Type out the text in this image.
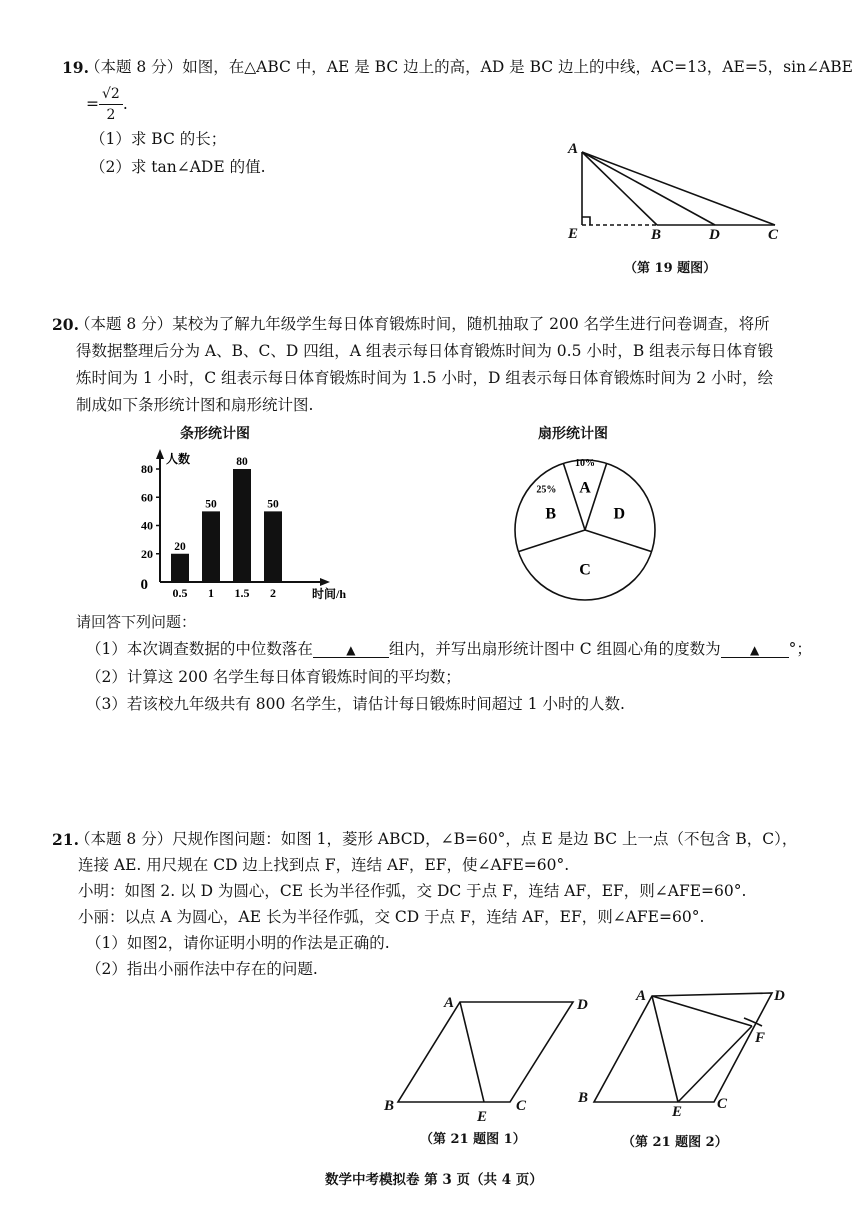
19.
（本题 8 分）如图，在△ABC 中，AE 是 BC 边上的高，AD 是 BC 边上的中线，AC=13，AE=5，sin∠ABE
= $\frac{√2}{2}$ .
（1）求 BC 的长；
（2）求 tan∠ADE 的值.
A
E	B	D	C
（第 19 题图）
20.
（本题 8 分）某校为了解九年级学生每日体育锻炼时间，随机抽取了 200 名学生进行问卷调查，将所
得数据整理后分为 A、B、C、D 四组，A 组表示每日体育锻炼时间为 0.5 小时，B 组表示每日体育锻
炼时间为 1 小时，C 组表示每日体育锻炼时间为 1.5 小时，D 组表示每日体育锻炼时间为 2 小时，绘
制成如下条形统计图和扇形统计图.
条形统计图	扇形统计图
0
20
40
60
80
20
0.5
50
1
80
1.5
50
2
人数
时间/h
A
10%
D
C
B
25%
请回答下列问题：
（1）本次调查数据的中位数落在	▲	组内，并写出扇形统计图中 C 组圆心角的度数为	▲	°；
（2）计算这 200 名学生每日体育锻炼时间的平均数；
（3）若该校九年级共有 800 名学生，请估计每日锻炼时间超过 1 小时的人数.
21.
（本题 8 分）尺规作图问题：如图 1，菱形 ABCD，∠B=60°，点 E 是边 BC 上一点（不包含 B，C），
连接 AE. 用尺规在 CD 边上找到点 F，连结 AF，EF，使∠AFE=60°.
小明：如图 2. 以 D 为圆心，CE 长为半径作弧，交 DC 于点 F，连结 AF，EF，则∠AFE=60°.
小丽：以点 A 为圆心，AE 长为半径作弧，交 CD 于点 F，连结 AF，EF，则∠AFE=60°.
（1）如图2，请你证明小明的作法是正确的.
（2）指出小丽作法中存在的问题.
A	D
B
E
C
（第 21 题图 1）
A	D
F
B
E C
（第 21 题图 2）
数学中考模拟卷 第 3 页（共 4 页）
